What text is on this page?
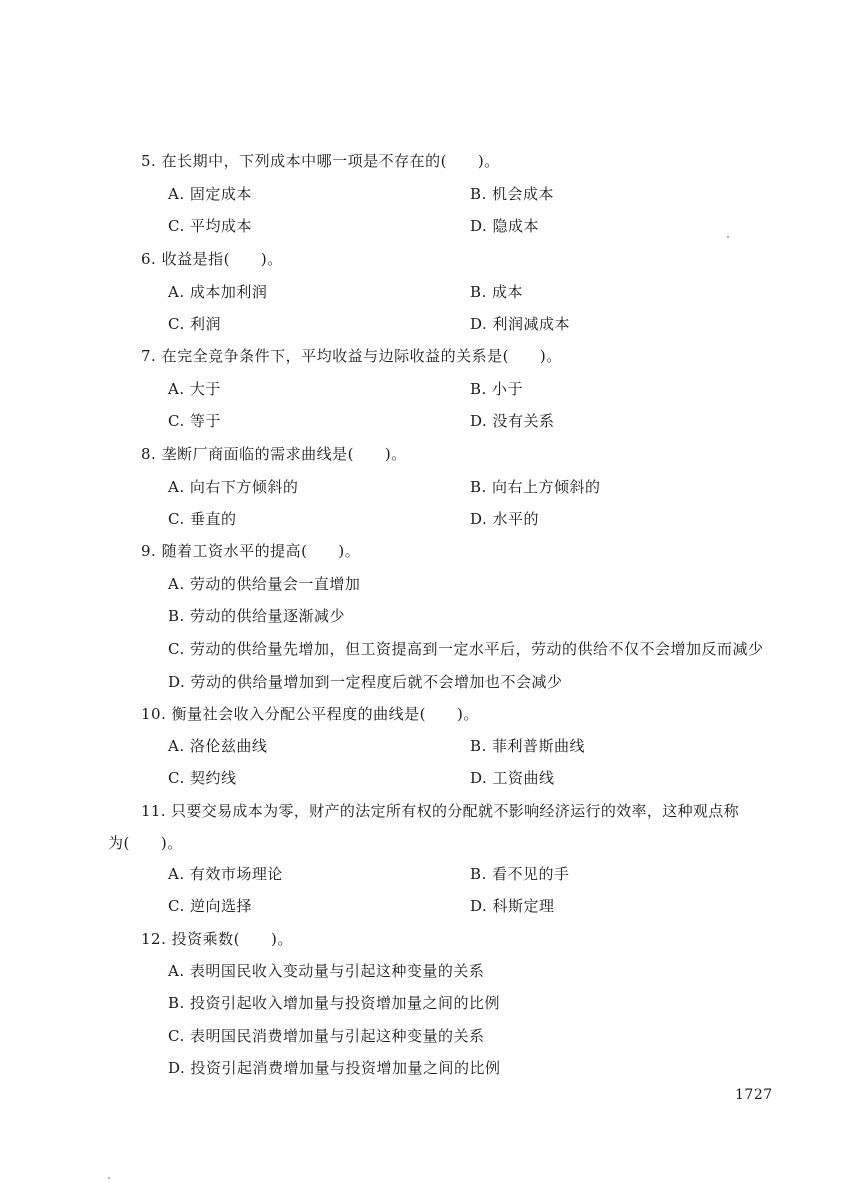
5. 在长期中，下列成本中哪一项是不存在的(　　)。
A. 固定成本	B. 机会成本
C. 平均成本	D. 隐成本
6. 收益是指(　　)。
A. 成本加利润	B. 成本
C. 利润	D. 利润减成本
7. 在完全竞争条件下，平均收益与边际收益的关系是(　　)。
A. 大于	B. 小于
C. 等于	D. 没有关系
8. 垄断厂商面临的需求曲线是(　　)。
A. 向右下方倾斜的	B. 向右上方倾斜的
C. 垂直的	D. 水平的
9. 随着工资水平的提高(　　)。
A. 劳动的供给量会一直增加
B. 劳动的供给量逐渐减少
C. 劳动的供给量先增加，但工资提高到一定水平后，劳动的供给不仅不会增加反而减少
D. 劳动的供给量增加到一定程度后就不会增加也不会减少
10. 衡量社会收入分配公平程度的曲线是(　　)。
A. 洛伦兹曲线	B. 菲利普斯曲线
C. 契约线	D. 工资曲线
11. 只要交易成本为零，财产的法定所有权的分配就不影响经济运行的效率，这种观点称
为(　　)。
A. 有效市场理论	B. 看不见的手
C. 逆向选择	D. 科斯定理
12. 投资乘数(　　)。
A. 表明国民收入变动量与引起这种变量的关系
B. 投资引起收入增加量与投资增加量之间的比例
C. 表明国民消费增加量与引起这种变量的关系
D. 投资引起消费增加量与投资增加量之间的比例
1727
